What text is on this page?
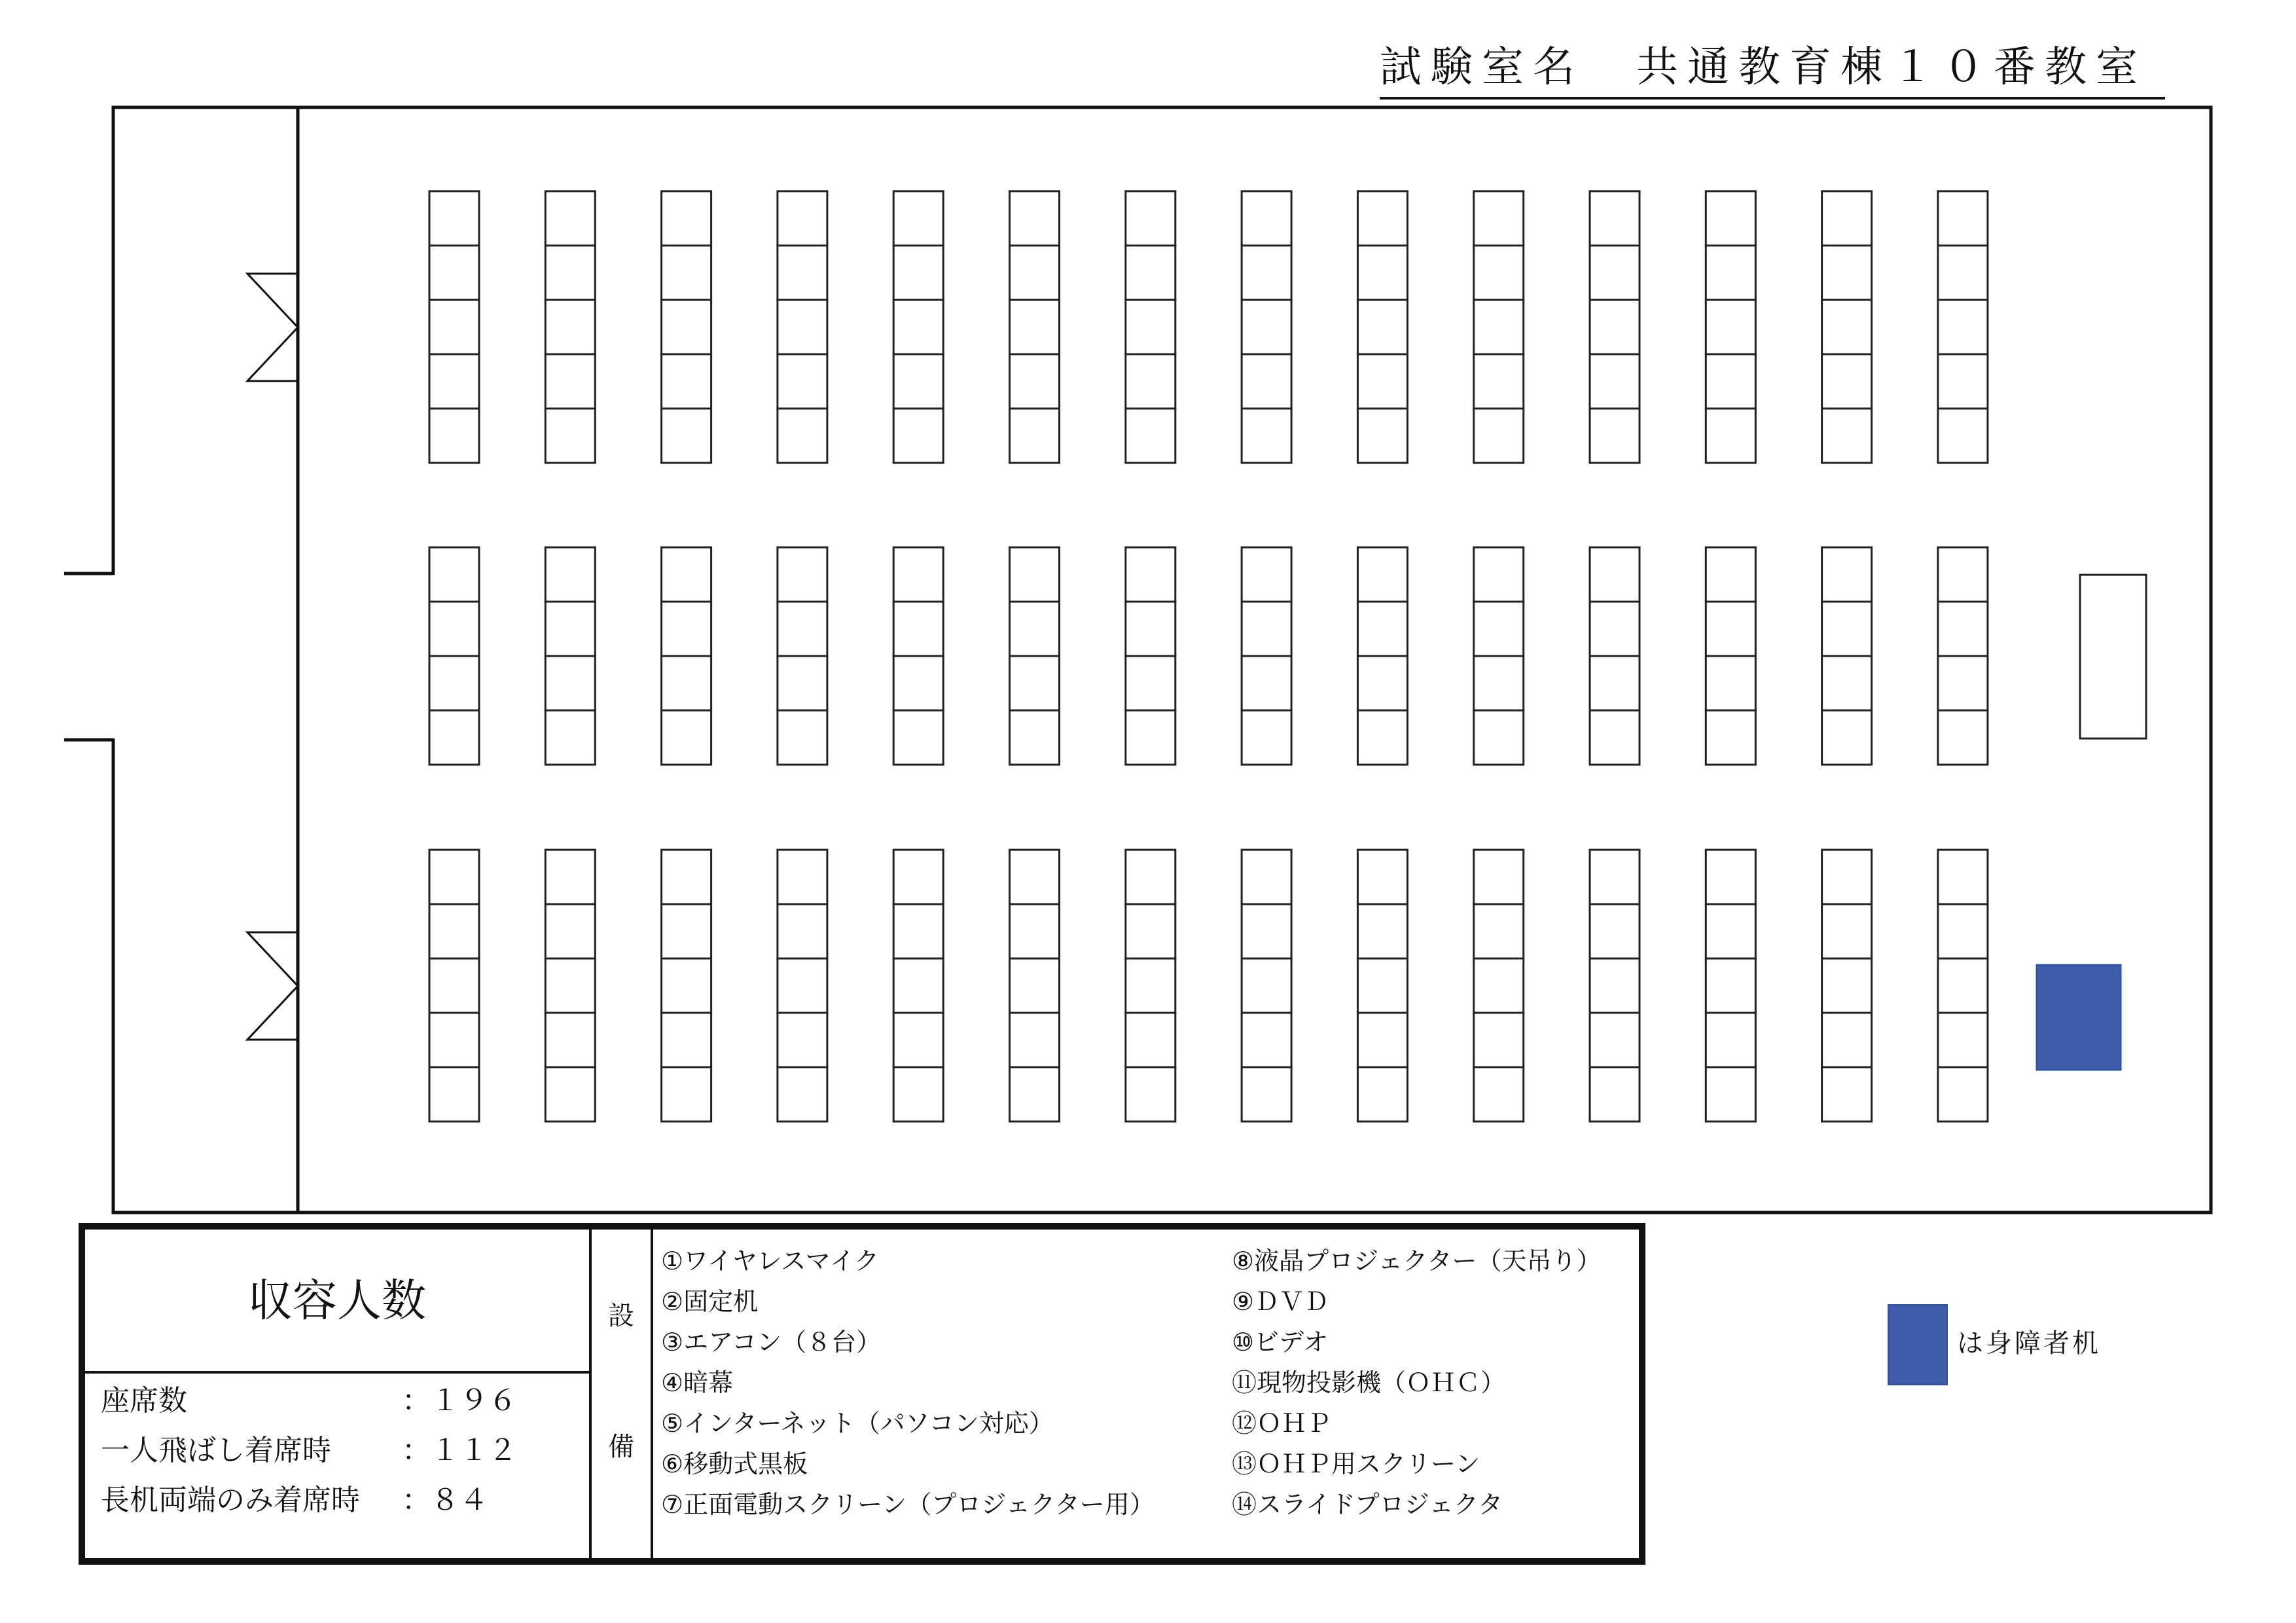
試験室名 共通教育棟１０番教室
収容人数
座席数	：１９６
一人飛ばし着席時 ：１１２
長机両端のみ着席時 ：８４
設
備
①ワイヤレスマイク
②固定机
③エアコン（８台）
④暗幕
⑤インターネット（パソコン対応）
⑥移動式黒板
⑦正面電動スクリーン（プロジェクター用）
⑧液晶プロジェクター（天吊り）
⑨ＤＶＤ
⑩ビデオ
⑪現物投影機（ＯＨＣ）
⑫ＯＨＰ
⑬ＯＨＰ用スクリーン
⑭スライドプロジェクタ
は身障者机
